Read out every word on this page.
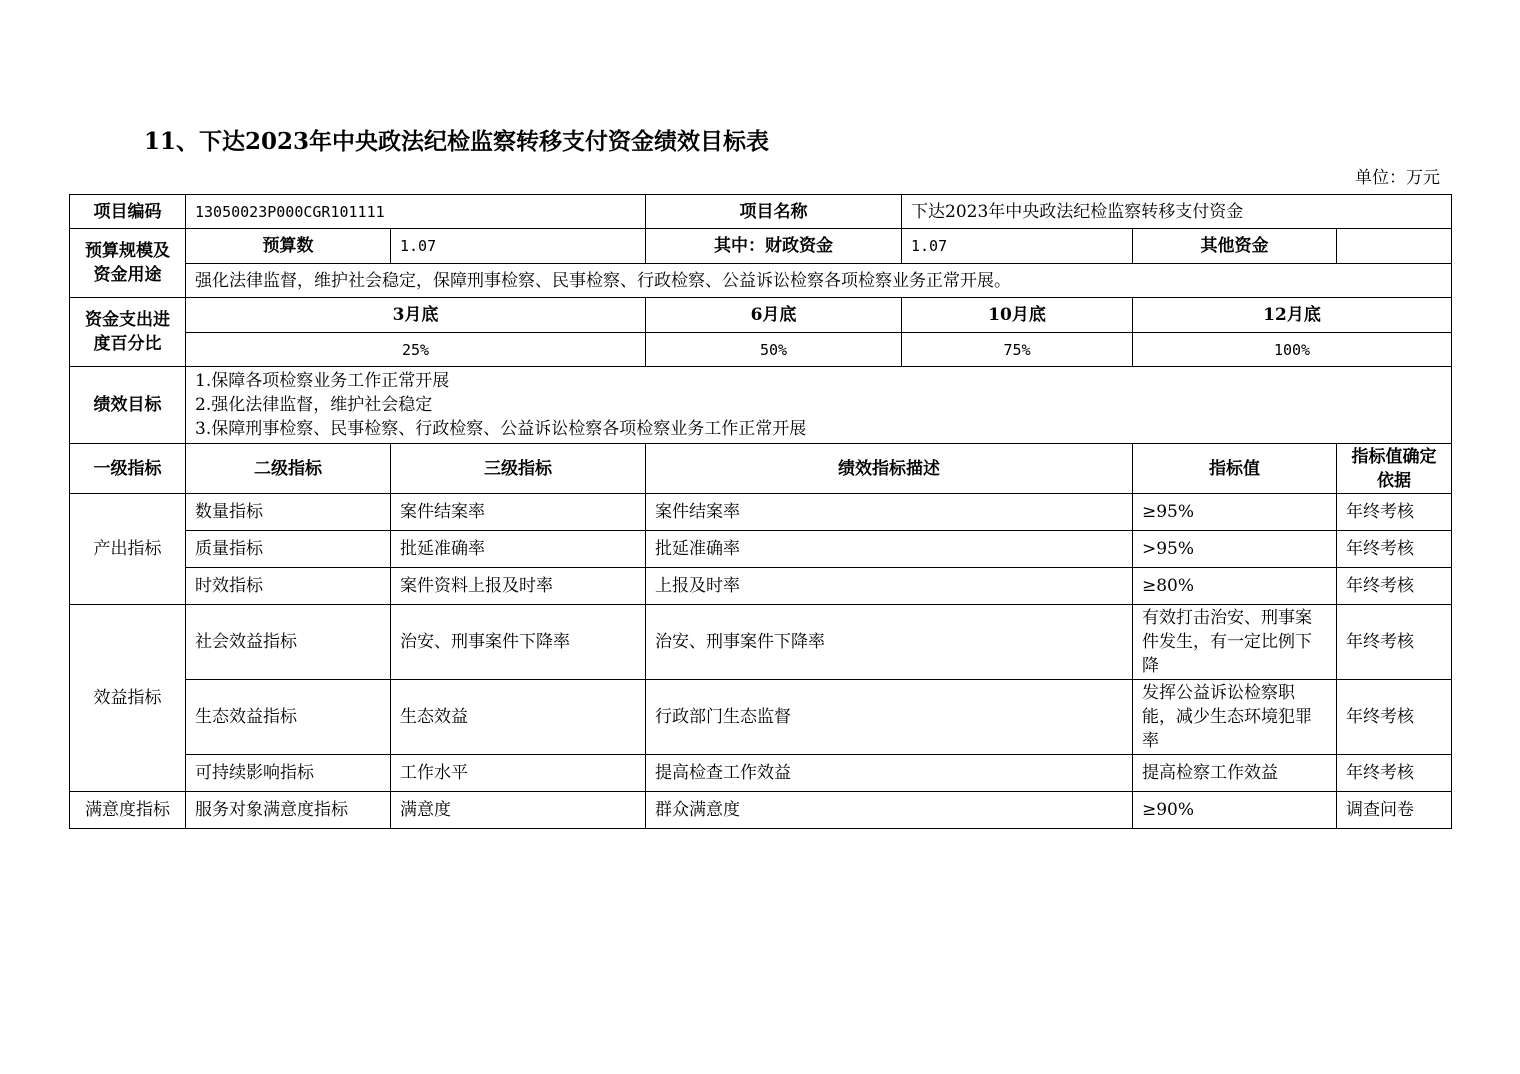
11、下达2023年中央政法纪检监察转移支付资金绩效目标表
单位：万元
项目编码	13050023P000CGR101111		项目名称	下达2023年中央政法纪检监察转移支付资金		
预算规模及资金用途	预算数	1.07	其中：财政资金	1.07	其他资金	
	强化法律监督，维护社会稳定，保障刑事检察、民事检察、行政检察、公益诉讼检察各项检察业务正常开展。					
资金支出进度百分比	3月底		6月底	10月底	12月底	
	25%		50%	75%	100%	
绩效目标	1.保障各项检察业务工作正常开展
2.强化法律监督，维护社会稳定
3.保障刑事检察、民事检察、行政检察、公益诉讼检察各项检察业务工作正常开展					

一级指标	二级指标	三级指标	绩效指标描述		指标值	指标值确定依据
产出指标	数量指标	案件结案率	案件结案率		≥95%	年终考核
	质量指标	批延准确率	批延准确率		>95%	年终考核
	时效指标	案件资料上报及时率	上报及时率		≥80%	年终考核
效益指标	社会效益指标	治安、刑事案件下降率	治安、刑事案件下降率		有效打击治安、刑事案件发生，有一定比例下降	年终考核
	生态效益指标	生态效益	行政部门生态监督		发挥公益诉讼检察职能，减少生态环境犯罪率	年终考核
	可持续影响指标	工作水平	提高检查工作效益		提高检察工作效益	年终考核
满意度指标	服务对象满意度指标	满意度	群众满意度		≥90%	调查问卷
